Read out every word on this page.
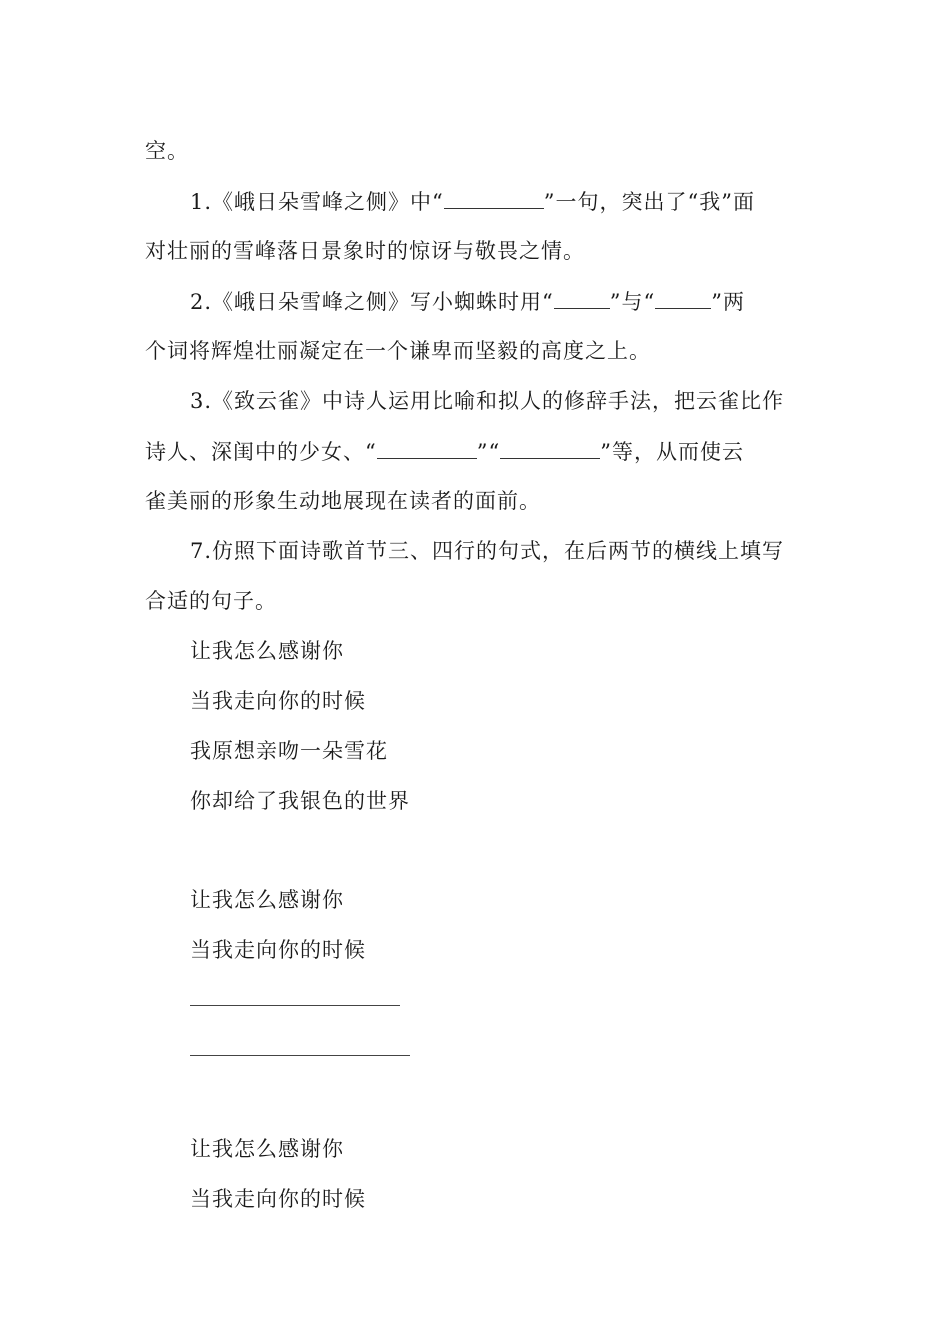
空。
1.《峨日朵雪峰之侧》中“	”一句，突出了“我”面
对壮丽的雪峰落日景象时的惊讶与敬畏之情。
2.《峨日朵雪峰之侧》写小蜘蛛时用“	”与“	”两
个词将辉煌壮丽凝定在一个谦卑而坚毅的高度之上。
3.《致云雀》中诗人运用比喻和拟人的修辞手法，把云雀比作
诗人、深闺中的少女、“	”“	”等，从而使云
雀美丽的形象生动地展现在读者的面前。
7.仿照下面诗歌首节三、四行的句式，在后两节的横线上填写
合适的句子。
让我怎么感谢你
当我走向你的时候
我原想亲吻一朵雪花
你却给了我银色的世界
让我怎么感谢你
当我走向你的时候
让我怎么感谢你
当我走向你的时候
